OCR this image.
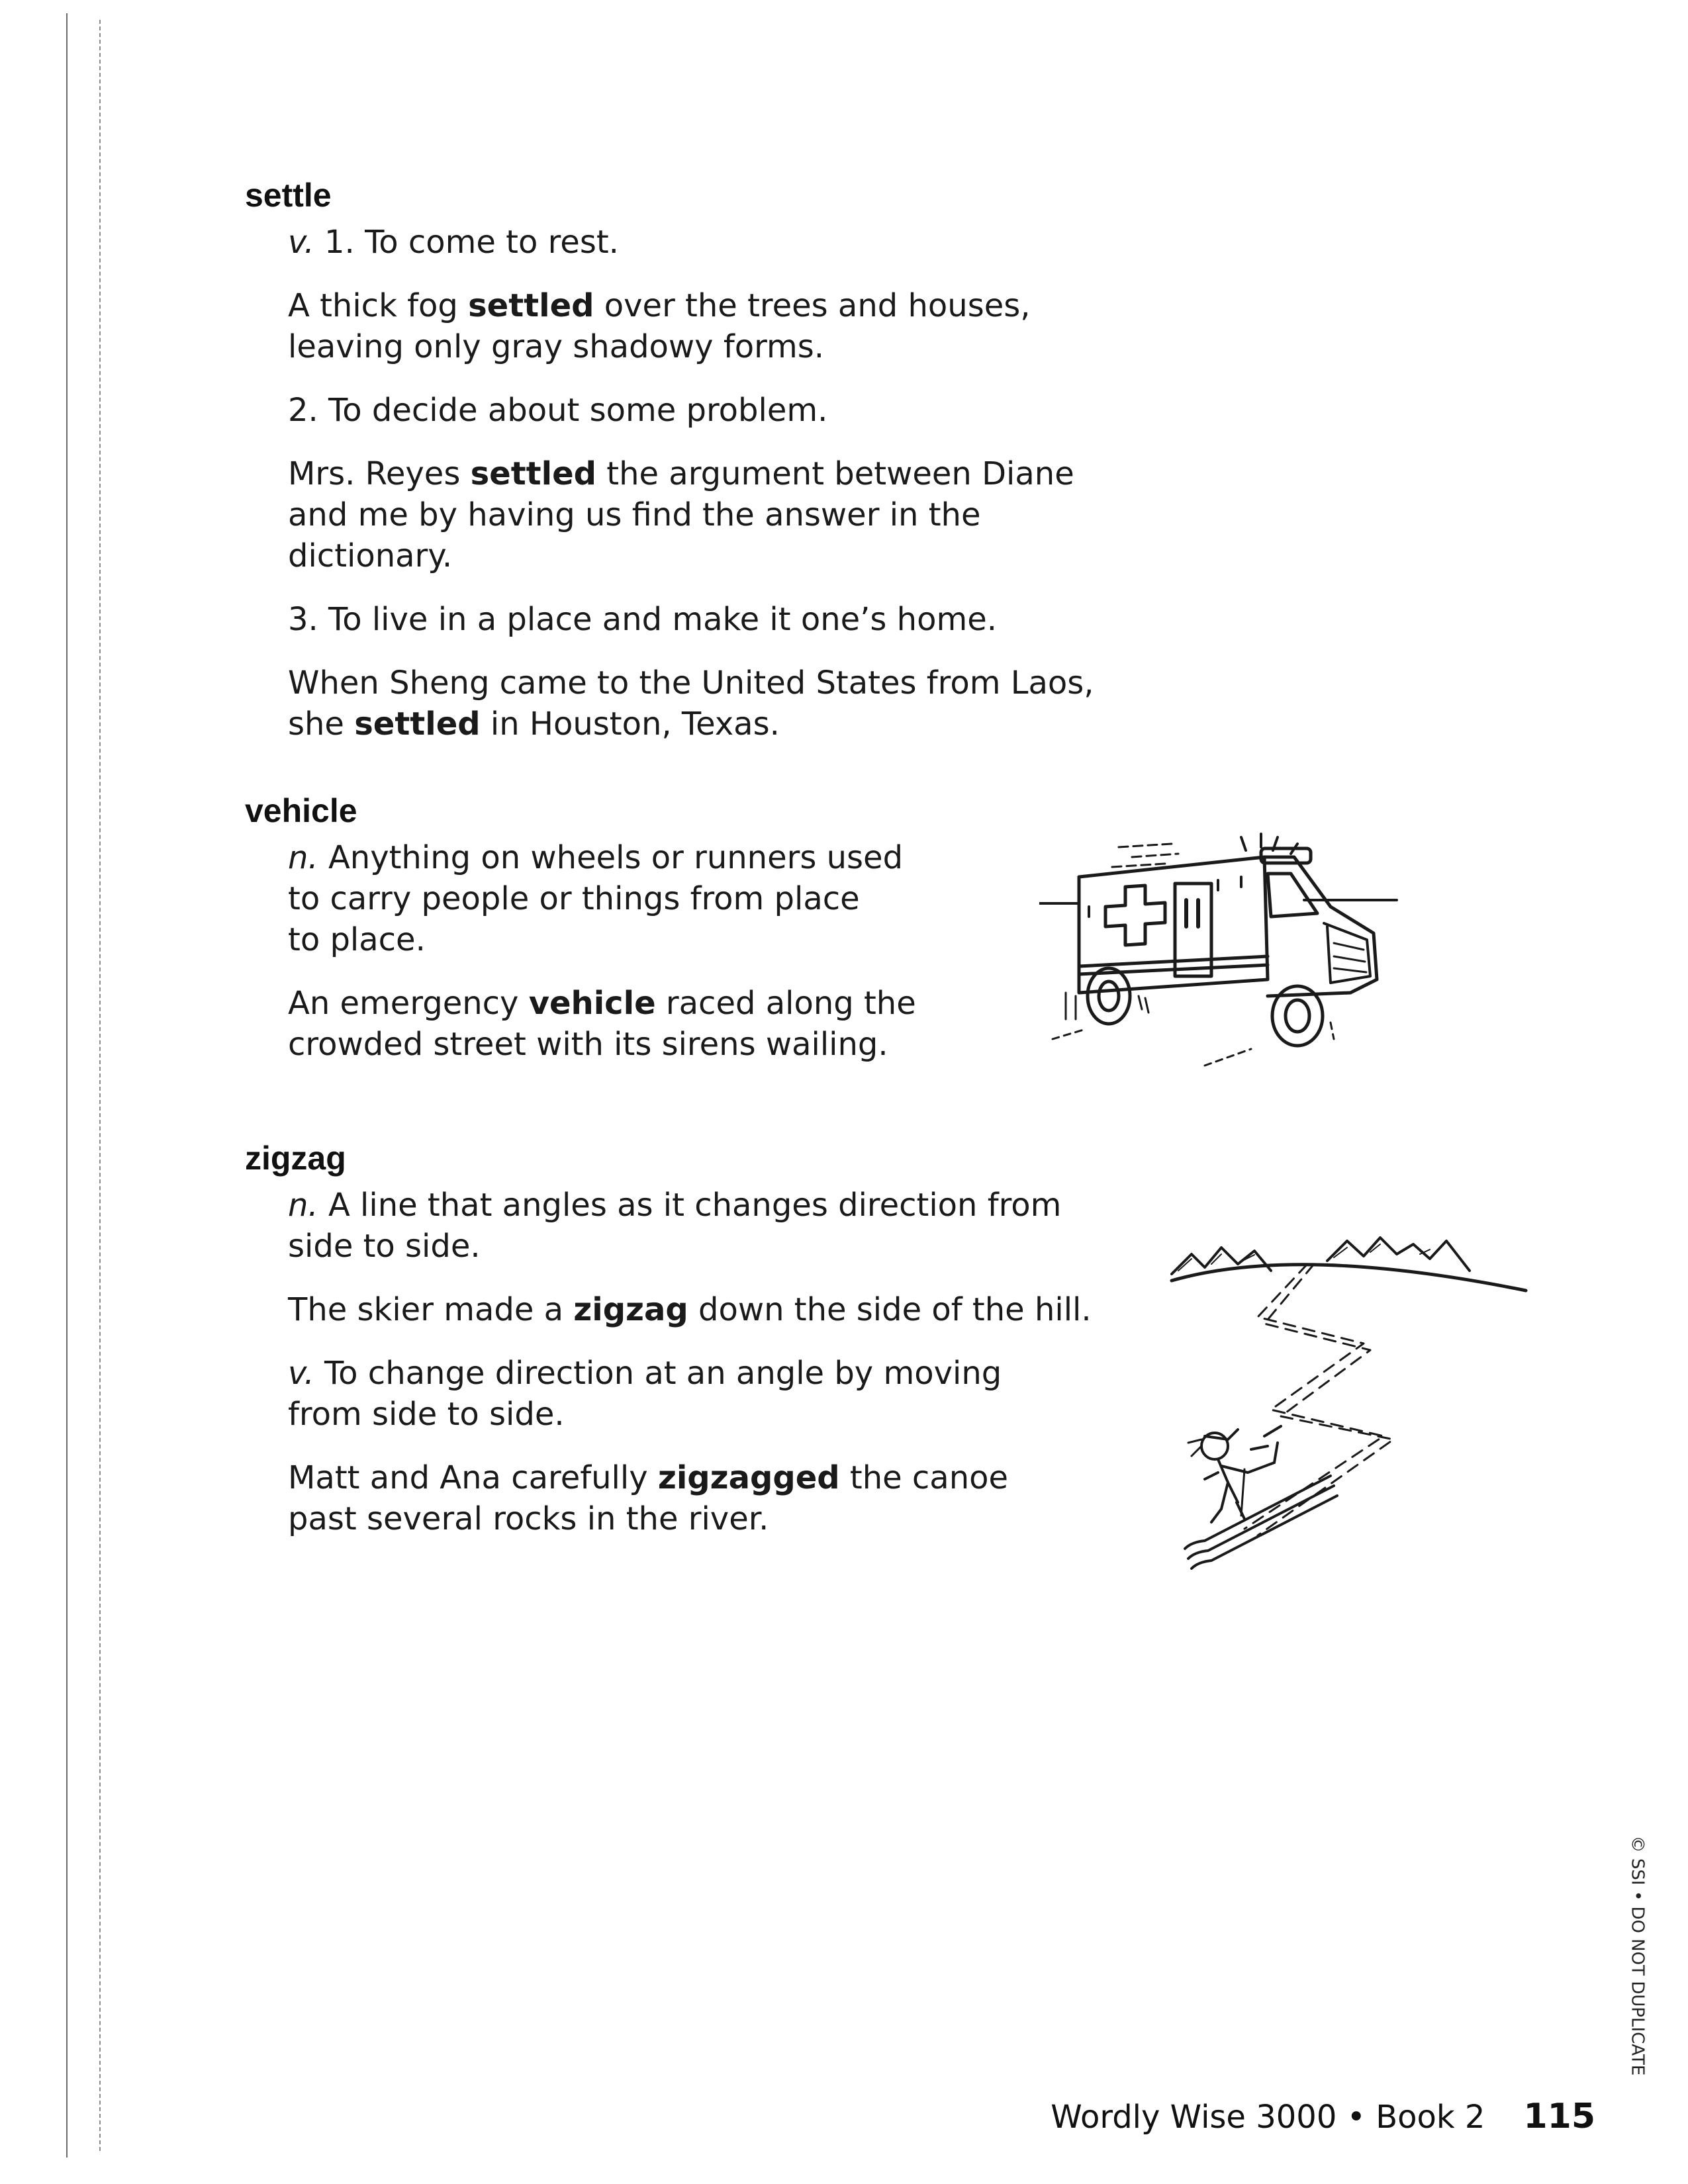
settle
v. 1. To come to rest.
A thick fog settled over the trees and houses,
leaving only gray shadowy forms.
2. To decide about some problem.
Mrs. Reyes settled the argument between Diane
and me by having us find the answer in the
dictionary.
3. To live in a place and make it one’s home.
When Sheng came to the United States from Laos,
she settled in Houston, Texas.
vehicle
n. Anything on wheels or runners used
to carry people or things from place
to place.
An emergency vehicle raced along the
crowded street with its sirens wailing.
zigzag
n. A line that angles as it changes direction from
side to side.
The skier made a zigzag down the side of the hill.
v. To change direction at an angle by moving
from side to side.
Matt and Ana carefully zigzagged the canoe
past several rocks in the river.
© SSI • DO NOT DUPLICATE
Wordly Wise 3000 • Book 2 115
